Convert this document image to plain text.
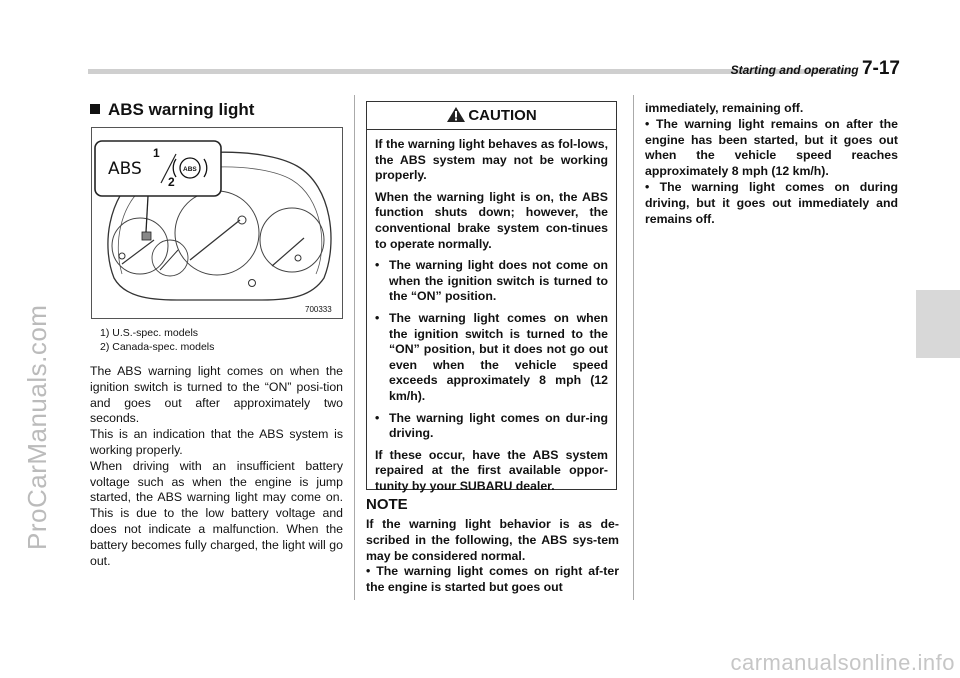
Starting and operating 7-17
ProCarManuals.com
ABS warning light
ABS
1
2
ABS
700333
1) U.S.-spec. models
2) Canada-spec. models

The ABS warning light comes on when the ignition switch is turned to the “ON” posi-tion and goes out after approximately two seconds.

This is an indication that the ABS system is working properly.

When driving with an insufficient battery voltage such as when the engine is jump started, the ABS warning light may come on. This is due to the low battery voltage and does not indicate a malfunction. When the battery becomes fully charged, the light will go out.

CAUTION

If the warning light behaves as fol-lows, the ABS system may not be working properly.

When the warning light is on, the ABS function shuts down; however, the conventional brake system con-tinues to operate normally.

• The warning light does not come on when the ignition switch is turned to the “ON” position.
• The warning light comes on when the ignition switch is turned to the “ON” position, but it does not go out even when the vehicle speed exceeds approximately 8 mph (12 km/h).
• The warning light comes on dur-ing driving.

If these occur, have the ABS system repaired at the first available oppor-tunity by your SUBARU dealer.

NOTE

If the warning light behavior is as de-scribed in the following, the ABS sys-tem may be considered normal.

• The warning light comes on right af-ter the engine is started but goes out

immediately, remaining off.

• The warning light remains on after the engine has been started, but it goes out when the vehicle speed reaches approximately 8 mph (12 km/h).

• The warning light comes on during driving, but it goes out immediately and remains off.

carmanualsonline.info
